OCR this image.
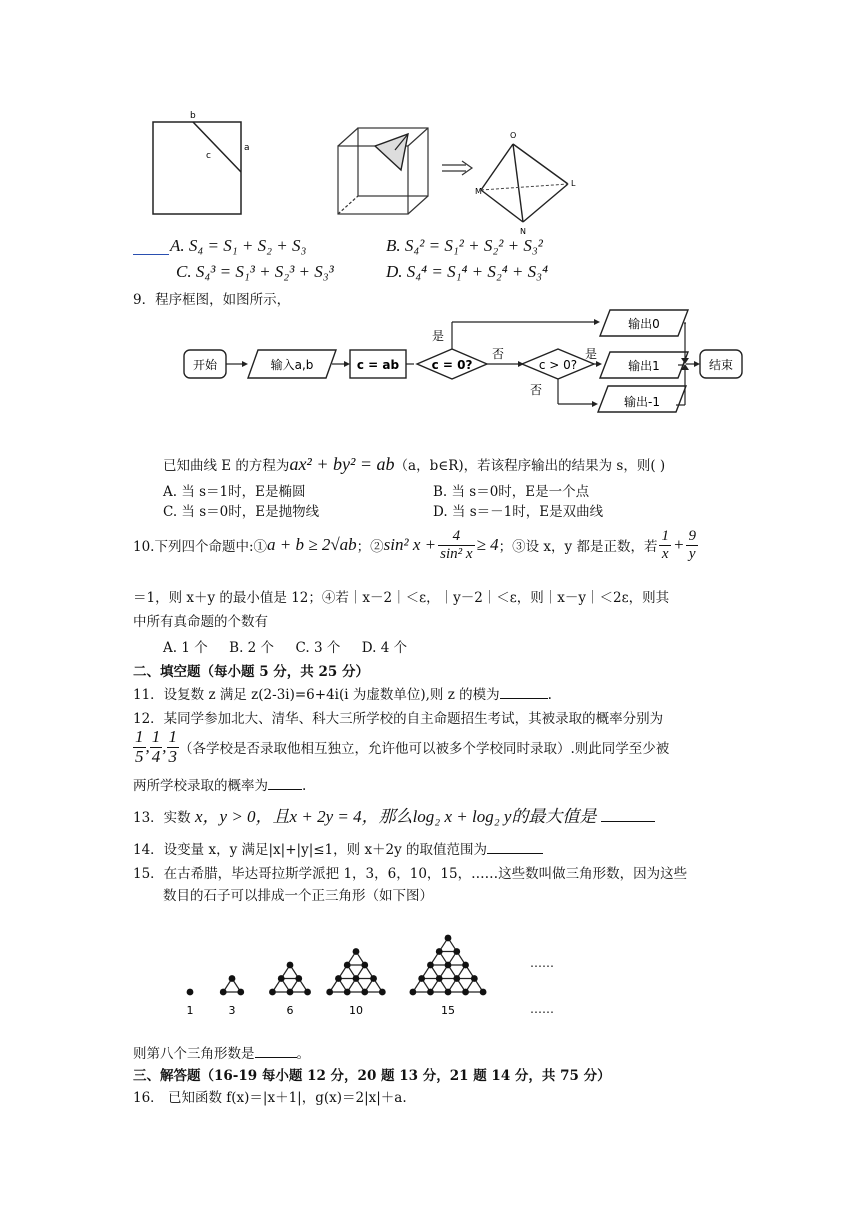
b
a
c
O
L
M
N
A. S₄ = S₁ + S₂ + S₃	B. S₄² = S₁² + S₂² + S₃²
C. S₄³ = S₁³ + S₂³ + S₃³	D. S₄⁴ = S₁⁴ + S₂⁴ + S₃⁴
9．程序框图，如图所示，
开始	输入a,b	c = ab	c = 0?
是
否
c > 0?
是
否
输出0
输出1
输出-1
结束
已知曲线 E 的方程为ax² + by² = ab（a，b∈R)，若该程序输出的结果为 s，则( )
A. 当 s＝1时，E是椭圆	B. 当 s＝0时，E是一个点
C. 当 s＝0时，E是抛物线	D. 当 s＝－1时，E是双曲线
10.下列四个命题中:① a + b ≥ 2√ab ；② sin² $x + \frac{4}{\text{sin² x}} \ge 4$ ；③设 x，y 都是正数，若 $\frac{1}{x} + \frac{9}{y}$
＝1，则 x＋y 的最小值是 12；④若｜x－2｜＜ε，｜y－2｜＜ε，则｜x－y｜＜2ε，则其
中所有真命题的个数有
A. 1 个     B. 2 个     C. 3 个     D. 4 个
二、填空题（每小题 5 分，共 25 分）
11．设复数 z 满足 z(2-3i)=6+4i(i 为虚数单位),则 z 的模为	.
12．某同学参加北大、清华、科大三所学校的自主命题招生考试，其被录取的概率分别为
$\frac{1}{5}$ , $\frac{1}{4}$ , $\frac{1}{3}$ （各学校是否录取他相互独立，允许他可以被多个学校同时录取）.则此同学至少被
两所学校录取的概率为	.
13．实数 x，y > 0，且x + 2y = 4，那么log₂ x + log₂ y的最大值是
14．设变量 x，y 满足|x|+|y|≤1，则 x＋2y 的取值范围为
15．在古希腊，毕达哥拉斯学派把 1，3，6，10，15，……这些数叫做三角形数，因为这些
数目的石子可以排成一个正三角形（如下图）
1	3	6	10	15
……
……
则第八个三角形数是	。
三、解答题（16-19 每小题 12 分，20 题 13 分，21 题 14 分，共 75 分）
16． 已知函数 f(x)＝|x＋1|，g(x)＝2|x|＋a.
